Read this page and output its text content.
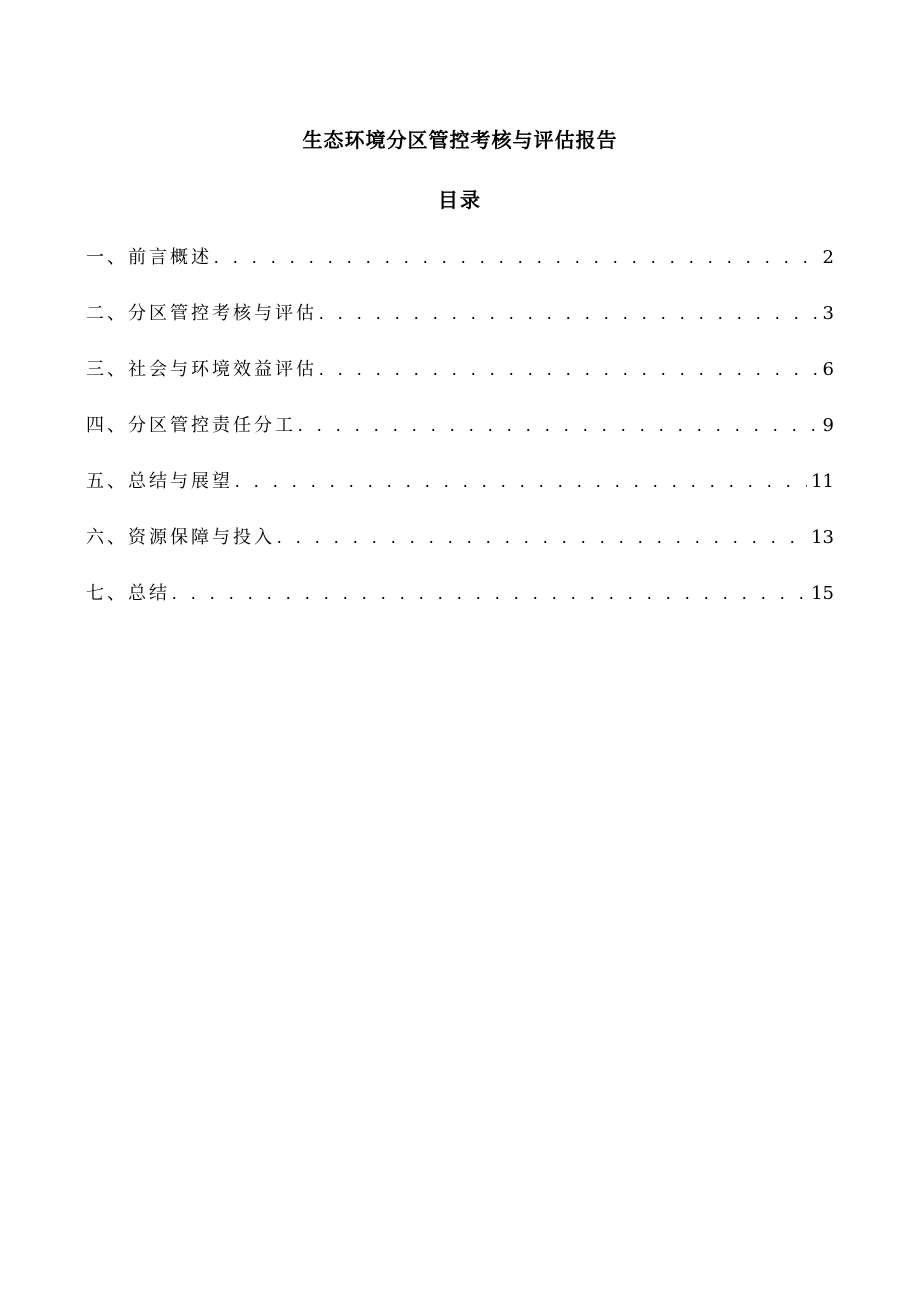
生态环境分区管控考核与评估报告
目录
一、前言概述 . . .	2
二、分区管控考核与评估 . . .	3
三、社会与环境效益评估 . . .	6
四、分区管控责任分工 . . .	9
五、总结与展望 . . .	11
六、资源保障与投入 . . .	13
七、总结 . . .	15
